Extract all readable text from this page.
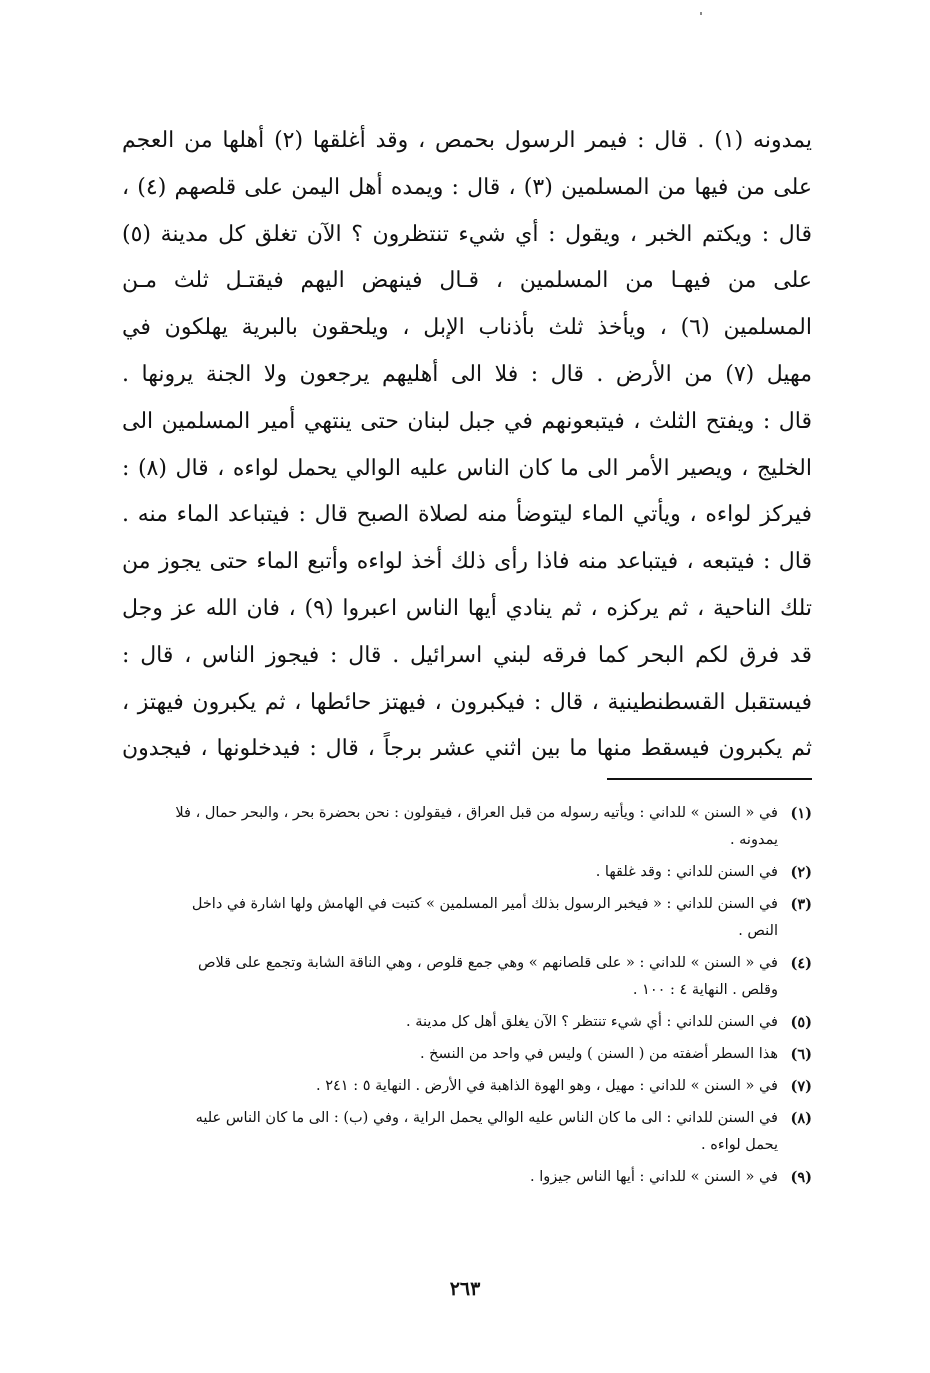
يمدونه (١) . قال : فيمر الرسول بحمص ، وقد أغلقها (٢) أهلها من العجم
على من فيها من المسلمين (٣) ، قال : ويمده أهل اليمن على قلصهم (٤) ،
قال : ويكتم الخبر ، ويقول : أي شيء تنتظرون ؟ الآن تغلق كل مدينة (٥)
على من فيهـا من المسلمين ، قـال فينهض اليهم فيقتـل ثلث مـن
المسلمين (٦) ، ويأخذ ثلث بأذناب الإبل ، ويلحقون بالبرية يهلكون في
مهيل (٧) من الأرض . قال : فلا الى أهليهم يرجعون ولا الجنة يرونها .
قال : ويفتح الثلث ، فيتبعونهم في جبل لبنان حتى ينتهي أمير المسلمين الى
الخليج ، ويصير الأمر الى ما كان الناس عليه الوالي يحمل لواءه ، قال (٨) :
فيركز لواءه ، ويأتي الماء ليتوضأ منه لصلاة الصبح قال : فيتباعد الماء منه .
قال : فيتبعه ، فيتباعد منه فاذا رأى ذلك أخذ لواءه وأتبع الماء حتى يجوز من
تلك الناحية ، ثم يركزه ، ثم ينادي أيها الناس اعبروا (٩) ، فان الله عز وجل
قد فرق لكم البحر كما فرقه لبني اسرائيل . قال : فيجوز الناس ، قال :
فيستقبل القسطنطينية ، قال : فيكبرون ، فيهتز حائطها ، ثم يكبرون فيهتز ،
ثم يكبرون فيسقط منها ما بين اثني عشر برجاً ، قال : فيدخلونها ، فيجدون
(١)
في « السنن » للداني : ويأتيه رسوله من قبل العراق ، فيقولون : نحن بحضرة بحر ، والبحر حمال ، فلا
يمدونه .
(٢)
في السنن للداني : وقد غلقها .
(٣)
في السنن للداني : « فيخبر الرسول بذلك أمير المسلمين » كتبت في الهامش ولها اشارة في داخل
النص .
(٤)
في « السنن » للداني : « على قلصانهم » وهي جمع قلوص ، وهي الناقة الشابة وتجمع على قلاص
وقلص . النهاية ٤ : ١٠٠ .
(٥)
في السنن للداني : أي شيء تنتظر ؟ الآن يغلق أهل كل مدينة .
(٦)
هذا السطر أضفته من ( السنن ) وليس في واحد من النسخ .
(٧)
في « السنن » للداني : مهيل ، وهو الهوة الذاهبة في الأرض . النهاية ٥ : ٢٤١ .
(٨)
في السنن للداني : الى ما كان الناس عليه الوالي يحمل الراية ، وفي (ب) : الى ما كان الناس عليه
يحمل لواءه .
(٩)
في « السنن » للداني : أيها الناس جيزوا .
٢٦٣
